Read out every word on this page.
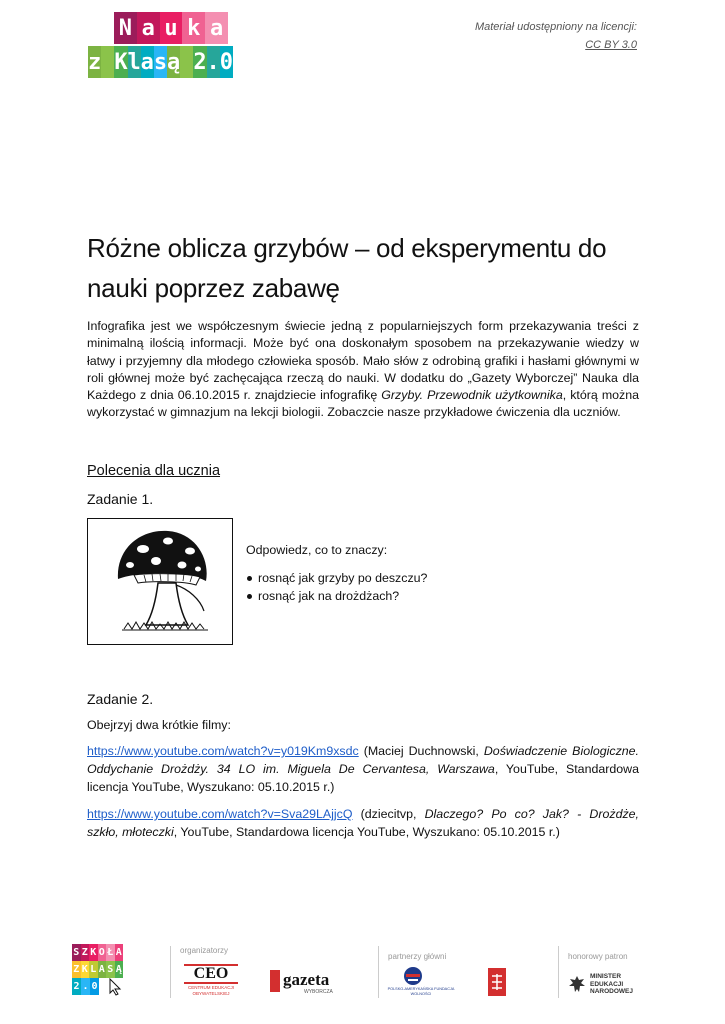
N a u k a
z K l a s ą 2 . 0
Materiał udostępniony na licencji:
CC BY 3.0
Różne oblicza grzybów – od eksperymentu do nauki poprzez zabawę
Infografika jest we współczesnym świecie jedną z popularniejszych form przekazywania treści z minimalną ilością informacji. Może być ona doskonałym sposobem na przekazywanie wiedzy w łatwy i przyjemny dla młodego człowieka sposób. Mało słów z odrobiną grafiki i hasłami głównymi w roli głównej może być zachęcająca rzeczą do nauki. W dodatku do „Gazety Wyborczej” Nauka dla Każdego z dnia 06.10.2015 r. znajdziecie infografikę Grzyby. Przewodnik użytkownika, którą można wykorzystać w gimnazjum na lekcji biologii. Zobaczcie nasze przykładowe ćwiczenia dla uczniów.
Polecenia dla ucznia
Zadanie 1.
Odpowiedz, co to znaczy:
rosnąć jak grzyby po deszczu?
rosnąć jak na drożdżach?
Zadanie 2.
Obejrzyj dwa krótkie filmy:
https://www.youtube.com/watch?v=y019Km9xsdc (Maciej Duchnowski, Doświadczenie Biologiczne. Oddychanie Drożdży. 34 LO im. Miguela De Cervantesa, Warszawa, YouTube, Standardowa licencja YouTube, Wyszukano: 05.10.2015 r.)
https://www.youtube.com/watch?v=Sva29LAjjcQ (dziecitvp, Dlaczego? Po co? Jak? - Drożdże, szkło, młoteczki, YouTube, Standardowa licencja YouTube, Wyszukano: 05.10.2015 r.)
S Z K O Ł A
Z K L A S Ą
2 . 0
organizatorzy
CEO
CENTRUM EDUKACJI OBYWATELSKIEJ
gazeta
WYBORCZA
partnerzy główni
POLSKO-AMERYKAŃSKA FUNDACJA WOLNOŚCI
honorowy patron
MINISTER EDUKACJI NARODOWEJ
